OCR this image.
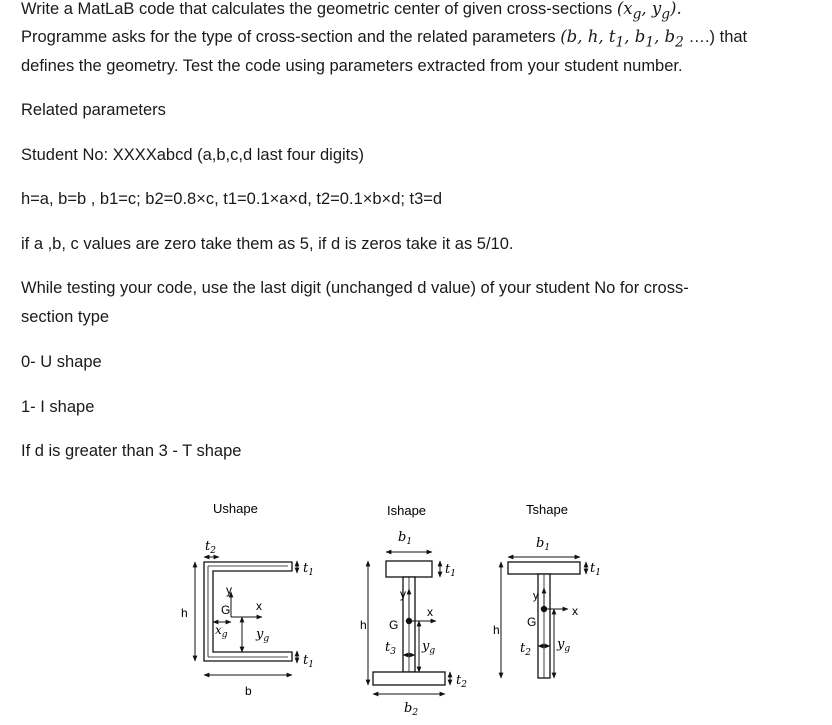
Write a MatLaB code that calculates the geometric center of given cross-sections ($x_g$, $y_g$).
Programme asks for the type of cross-section and the related parameters (b, h, $t_1$, $b_1$, $b_2$ ….) that
defines the geometry. Test the code using parameters extracted from your student number.
Related parameters
Student No: XXXXabcd (a,b,c,d last four digits)
h=a, b=b , b1=c; b2=0.8×c, t1=0.1×a×d, t2=0.1×b×d; t3=d
if a ,b, c values are zero take them as 5, if d is zeros take it as 5/10.
While testing your code, use the last digit (unchanged d value) of your student No for cross-
section type
0- U shape
1- I shape
If d is greater than 3 - T shape
Ushape
$t_2$
$t_1$
$t_1$
h
y
x
G
$x_g$ $y_g$
b
Ishape
$b_1$
$t_1$
y
x
G
h
$t_3$ $y_g$
$t_2$
$b_2$
Tshape
$b_1$
$t_1$
y
x
G
h
$t_2$
$y_g$
